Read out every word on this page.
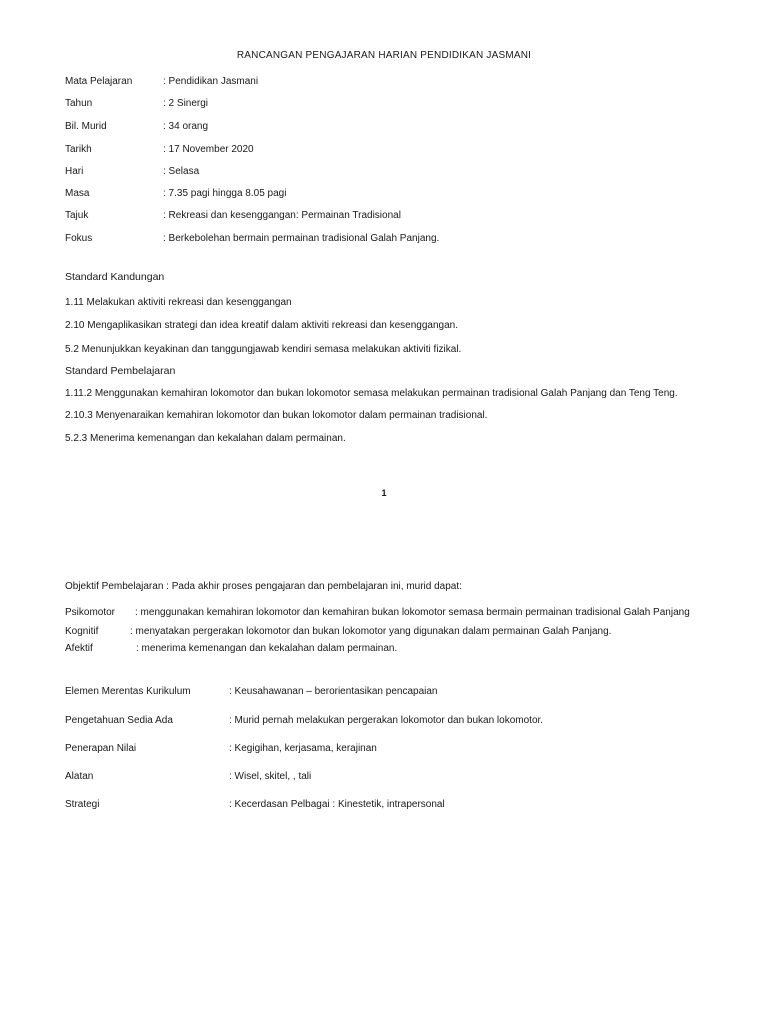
RANCANGAN PENGAJARAN HARIAN PENDIDIKAN JASMANI
Mata Pelajaran	: Pendidikan Jasmani
Tahun	: 2 Sinergi
Bil. Murid	: 34 orang
Tarikh	: 17 November 2020
Hari	: Selasa
Masa	: 7.35 pagi hingga 8.05 pagi
Tajuk	: Rekreasi dan kesenggangan: Permainan Tradisional
Fokus	: Berkebolehan bermain permainan tradisional Galah Panjang.
Standard Kandungan
1.11 Melakukan aktiviti rekreasi dan kesenggangan
2.10 Mengaplikasikan strategi dan idea kreatif dalam aktiviti rekreasi dan kesenggangan.
5.2 Menunjukkan keyakinan dan tanggungjawab kendiri semasa melakukan aktiviti fizikal.
Standard Pembelajaran
1.11.2 Menggunakan kemahiran lokomotor dan bukan lokomotor semasa melakukan permainan tradisional Galah Panjang dan Teng Teng.
2.10.3 Menyenaraikan kemahiran lokomotor dan bukan lokomotor dalam permainan tradisional.
5.2.3 Menerima kemenangan dan kekalahan dalam permainan.
1
Objektif Pembelajaran : Pada akhir proses pengajaran dan pembelajaran ini, murid dapat:
Psikomotor : menggunakan kemahiran lokomotor dan kemahiran bukan lokomotor semasa bermain permainan tradisional Galah Panjang
Kognitif	: menyatakan pergerakan lokomotor dan bukan lokomotor yang digunakan dalam permainan Galah Panjang.
Afektif	: menerima kemenangan dan kekalahan dalam permainan.
Elemen Merentas Kurikulum	: Keusahawanan – berorientasikan pencapaian
Pengetahuan Sedia Ada	: Murid pernah melakukan pergerakan lokomotor dan bukan lokomotor.
Penerapan Nilai	: Kegigihan, kerjasama, kerajinan
Alatan	: Wisel, skitel, , tali
Strategi	: Kecerdasan Pelbagai : Kinestetik, intrapersonal
